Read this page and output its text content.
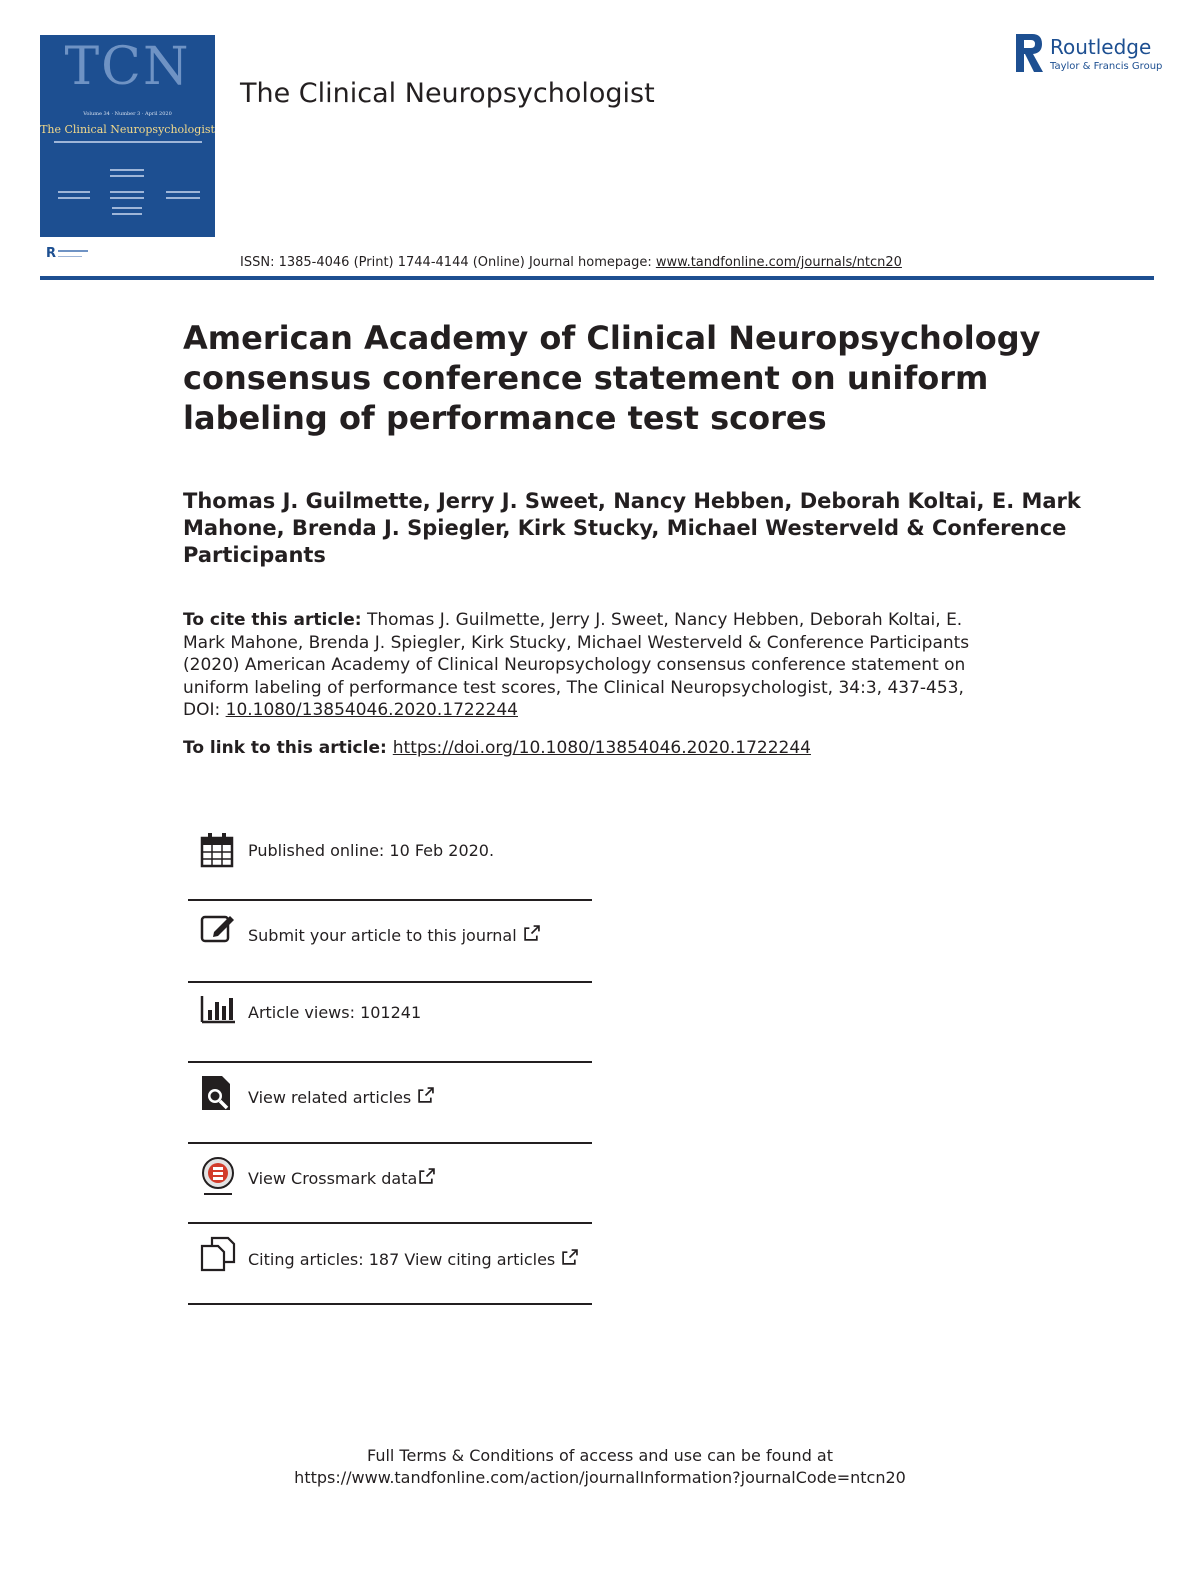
TCN
Volume 34 · Number 3 · April 2020
The Clinical Neuropsychologist
R
The Clinical Neuropsychologist
Routledge
Taylor & Francis Group
ISSN: 1385-4046 (Print) 1744-4144 (Online) Journal homepage: www.tandfonline.com/journals/ntcn20
American Academy of Clinical Neuropsychology
consensus conference statement on uniform
labeling of performance test scores
Thomas J. Guilmette, Jerry J. Sweet, Nancy Hebben, Deborah Koltai, E. Mark
Mahone, Brenda J. Spiegler, Kirk Stucky, Michael Westerveld & Conference
Participants
To cite this article: Thomas J. Guilmette, Jerry J. Sweet, Nancy Hebben, Deborah Koltai, E.
Mark Mahone, Brenda J. Spiegler, Kirk Stucky, Michael Westerveld & Conference Participants
(2020) American Academy of Clinical Neuropsychology consensus conference statement on
uniform labeling of performance test scores, The Clinical Neuropsychologist, 34:3, 437-453,
DOI: 10.1080/13854046.2020.1722244
To link to this article: https://doi.org/10.1080/13854046.2020.1722244
Published online: 10 Feb 2020.
Submit your article to this journal
Article views: 101241
View related articles
View Crossmark data
Citing articles: 187 View citing articles
Full Terms & Conditions of access and use can be found at
https://www.tandfonline.com/action/journalInformation?journalCode=ntcn20
